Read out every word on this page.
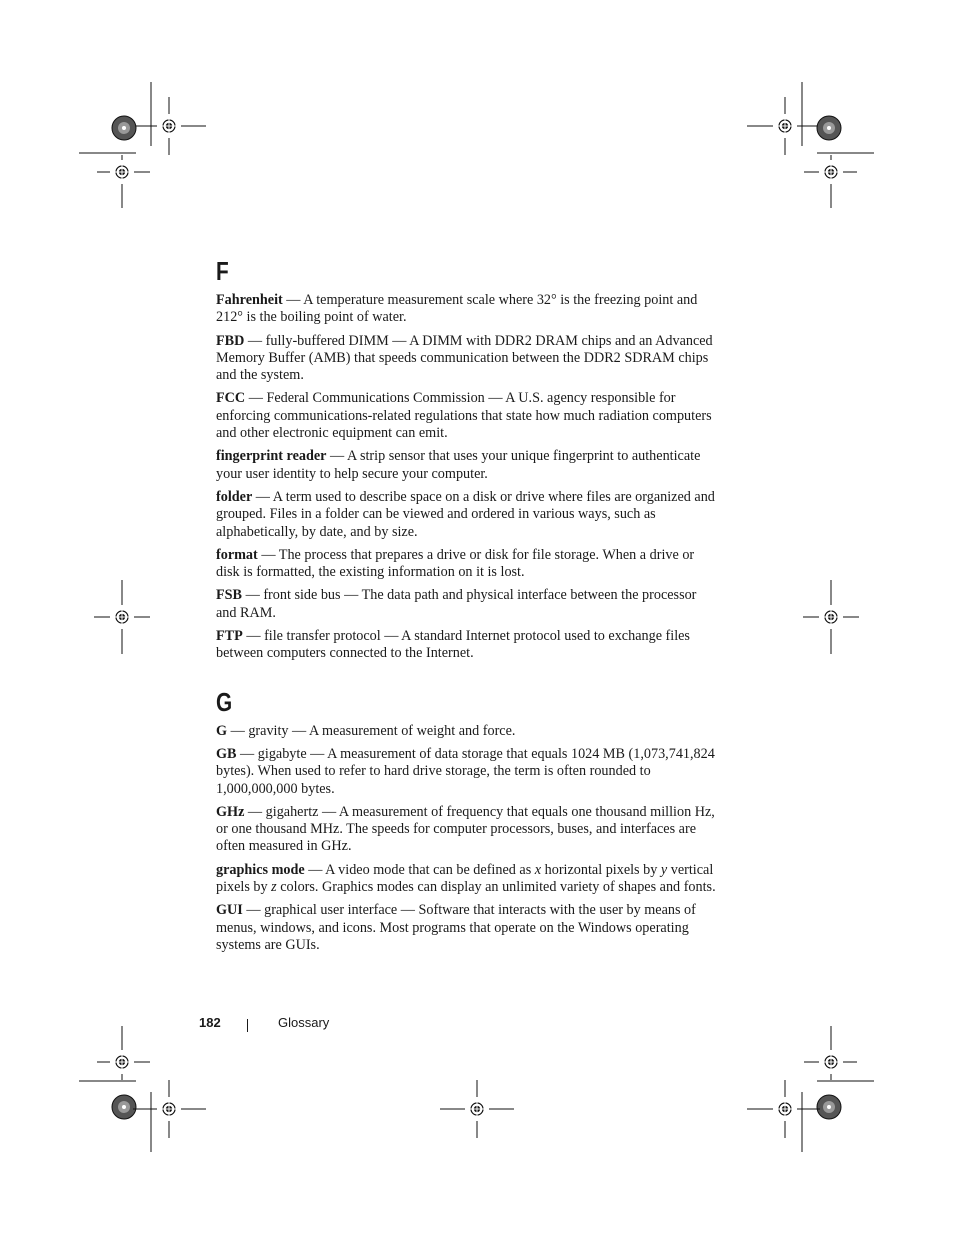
F

Fahrenheit — A temperature measurement scale where 32° is the freezing point and 212° is the boiling point of water.

FBD — fully-buffered DIMM — A DIMM with DDR2 DRAM chips and an Advanced Memory Buffer (AMB) that speeds communication between the DDR2 SDRAM chips and the system.

FCC — Federal Communications Commission — A U.S. agency responsible for enforcing communications-related regulations that state how much radiation computers and other electronic equipment can emit.

fingerprint reader — A strip sensor that uses your unique fingerprint to authenticate your user identity to help secure your computer.

folder — A term used to describe space on a disk or drive where files are organized and grouped. Files in a folder can be viewed and ordered in various ways, such as alphabetically, by date, and by size.

format — The process that prepares a drive or disk for file storage. When a drive or disk is formatted, the existing information on it is lost.

FSB — front side bus — The data path and physical interface between the processor and RAM.

FTP — file transfer protocol — A standard Internet protocol used to exchange files between computers connected to the Internet.

G

G — gravity — A measurement of weight and force.

GB — gigabyte — A measurement of data storage that equals 1024 MB (1,073,741,824 bytes). When used to refer to hard drive storage, the term is often rounded to 1,000,000,000 bytes.

GHz — gigahertz — A measurement of frequency that equals one thousand million Hz, or one thousand MHz. The speeds for computer processors, buses, and interfaces are often measured in GHz.

graphics mode — A video mode that can be defined as x horizontal pixels by y vertical pixels by z colors. Graphics modes can display an unlimited variety of shapes and fonts.

GUI — graphical user interface — Software that interacts with the user by means of menus, windows, and icons. Most programs that operate on the Windows operating systems are GUIs.

182	Glossary
